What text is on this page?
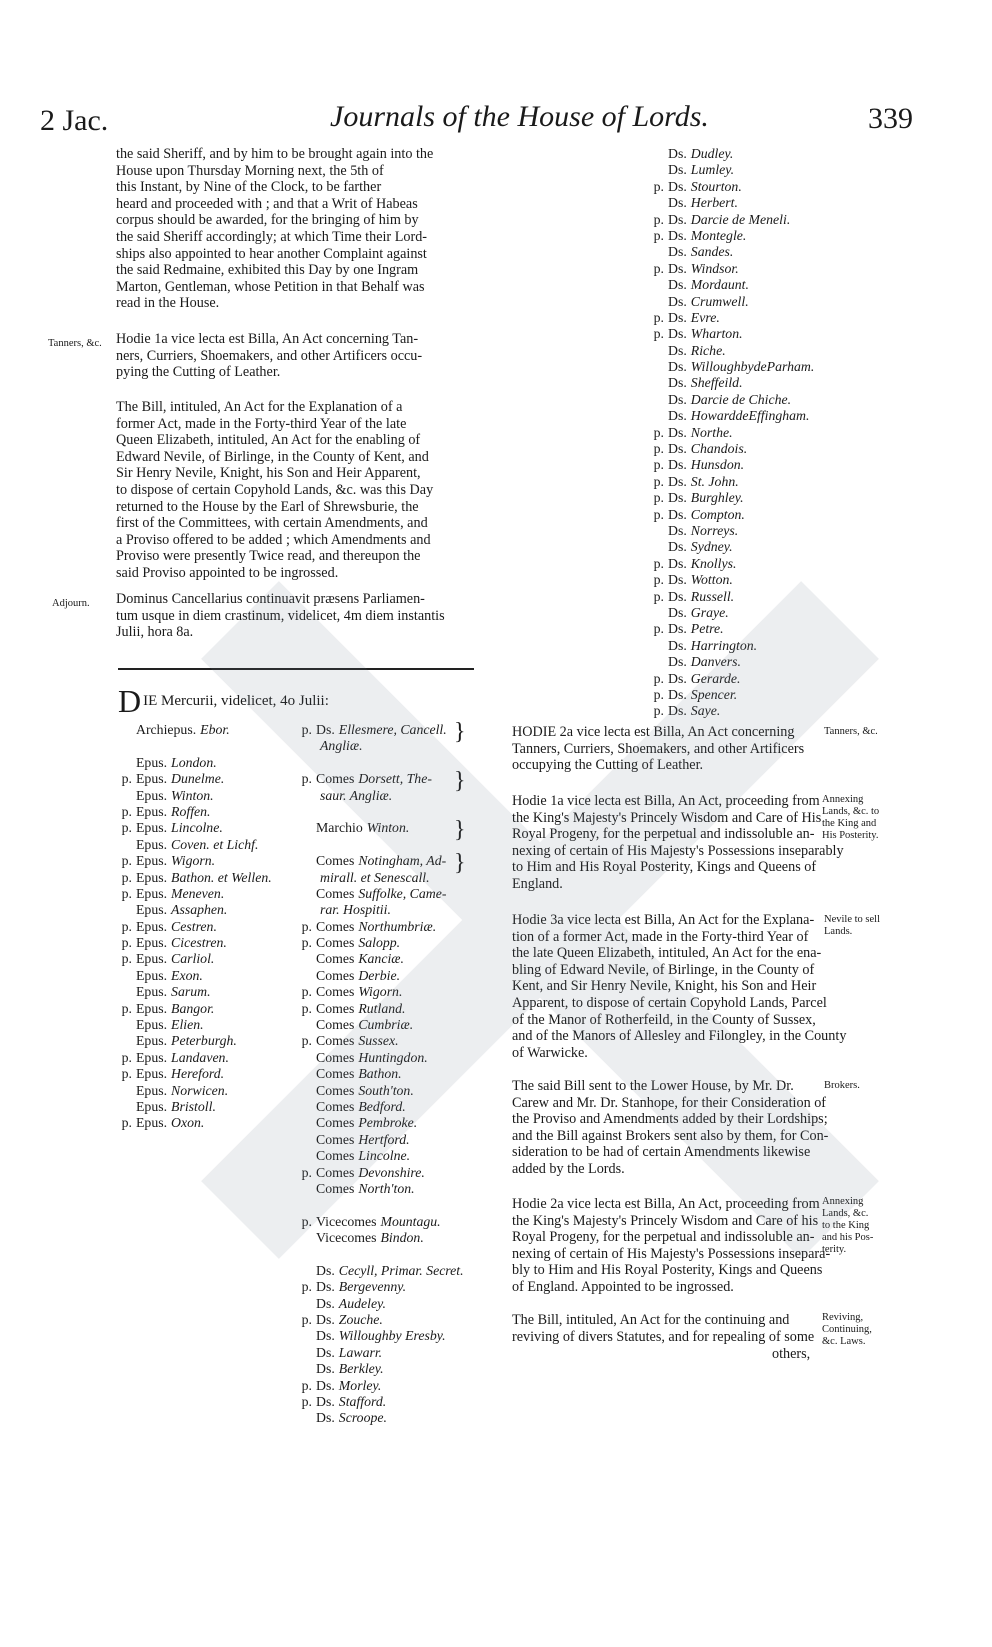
2 Jac.	Journals of the House of Lords.	339
the said Sheriff, and by him to be brought again into the
House upon Thursday Morning next, the 5th of
this Instant, by Nine of the Clock, to be farther
heard and proceeded with ; and that a Writ of Habeas
corpus should be awarded, for the bringing of him by
the said Sheriff accordingly; at which Time their Lord-
ships also appointed to hear another Complaint against
the said Redmaine, exhibited this Day by one Ingram
Marton, Gentleman, whose Petition in that Behalf was
read in the House.
Tanners, &c. Hodie 1a vice lecta est Billa, An Act concerning Tan-
ners, Curriers, Shoemakers, and other Artificers occu-
pying the Cutting of Leather.
The Bill, intituled, An Act for the Explanation of a
former Act, made in the Forty-third Year of the late
Queen Elizabeth, intituled, An Act for the enabling of
Edward Nevile, of Birlinge, in the County of Kent, and
Sir Henry Nevile, Knight, his Son and Heir Apparent,
to dispose of certain Copyhold Lands, &c. was this Day
returned to the House by the Earl of Shrewsburie, the
first of the Committees, with certain Amendments, and
a Proviso offered to be added ; which Amendments and
Proviso were presently Twice read, and thereupon the
said Proviso appointed to be ingrossed.
Adjourn. Dominus Cancellarius continuavit præsens Parliamen-
tum usque in diem crastinum, videlicet, 4m diem instantis
Julii, hora 8a.
D IE Mercurii, videlicet, 4o Julii:
Archiepus. Ebor.
Epus. London.
p. Epus. Dunelme.
Epus. Winton.
p. Epus. Roffen.
p. Epus. Lincolne.
Epus. Coven. et Lichf.
p. Epus. Wigorn.
p. Epus. Bathon. et Wellen.
p. Epus. Meneven.
Epus. Assaphen.
p. Epus. Cestren.
p. Epus. Cicestren.
p. Epus. Carliol.
Epus. Exon.
Epus. Sarum.
p. Epus. Bangor.
Epus. Elien.
Epus. Peterburgh.
p. Epus. Landaven.
p. Epus. Hereford.
Epus. Norwicen.
Epus. Bristoll.
p. Epus. Oxon.
p. Ds. Ellesmere, Cancell.
Angliæ.
p. Comes Dorsett, The-
saur. Angliæ.
Marchio Winton.
Comes Notingham, Ad-
mirall. et Senescall.
Comes Suffolke, Came-
rar. Hospitii.
p. Comes Northumbriæ.
p. Comes Salopp.
Comes Kanciæ.
Comes Derbie.
p. Comes Wigorn.
p. Comes Rutland.
Comes Cumbriæ.
p. Comes Sussex.
Comes Huntingdon.
Comes Bathon.
Comes South'ton.
Comes Bedford.
Comes Pembroke.
Comes Hertford.
Comes Lincolne.
p. Comes Devonshire.
Comes North'ton.
p. Vicecomes Mountagu.
Vicecomes Bindon.
Ds. Cecyll, Primar. Secret.
p. Ds. Bergevenny.
Ds. Audeley.
p. Ds. Zouche.
Ds. Willoughby Eresby.
Ds. Lawarr.
Ds. Berkley.
p. Ds. Morley.
p. Ds. Stafford.
Ds. Scroope.
}
}
}
}
Ds. Dudley.
Ds. Lumley.
p. Ds. Stourton.
Ds. Herbert.
p. Ds. Darcie de Meneli.
p. Ds. Montegle.
Ds. Sandes.
p. Ds. Windsor.
Ds. Mordaunt.
Ds. Crumwell.
p. Ds. Evre.
p. Ds. Wharton.
Ds. Riche.
Ds. WilloughbydeParham.
Ds. Sheffeild.
Ds. Darcie de Chiche.
Ds. HowarddeEffingham.
p. Ds. Northe.
p. Ds. Chandois.
p. Ds. Hunsdon.
p. Ds. St. John.
p. Ds. Burghley.
p. Ds. Compton.
Ds. Norreys.
Ds. Sydney.
p. Ds. Knollys.
p. Ds. Wotton.
p. Ds. Russell.
Ds. Graye.
p. Ds. Petre.
Ds. Harrington.
Ds. Danvers.
p. Ds. Gerarde.
p. Ds. Spencer.
p. Ds. Saye.
HODIE 2a vice lecta est Billa, An Act concerning
Tanners, Curriers, Shoemakers, and other Artificers
occupying the Cutting of Leather.
Tanners, &c.
Hodie 1a vice lecta est Billa, An Act, proceeding from
the King's Majesty's Princely Wisdom and Care of His
Royal Progeny, for the perpetual and indissoluble an-
nexing of certain of His Majesty's Possessions inseparably
to Him and His Royal Posterity, Kings and Queens of
England.
Annexing
Lands, &c. to
the King and
His Posterity.
Hodie 3a vice lecta est Billa, An Act for the Explana-
tion of a former Act, made in the Forty-third Year of
the late Queen Elizabeth, intituled, An Act for the ena-
bling of Edward Nevile, of Birlinge, in the County of
Kent, and Sir Henry Nevile, Knight, his Son and Heir
Apparent, to dispose of certain Copyhold Lands, Parcel
of the Manor of Rotherfeild, in the County of Sussex,
and of the Manors of Allesley and Filongley, in the County
of Warwicke.
Nevile to sell
Lands.
The said Bill sent to the Lower House, by Mr. Dr.
Carew and Mr. Dr. Stanhope, for their Consideration of
the Proviso and Amendments added by their Lordships;
and the Bill against Brokers sent also by them, for Con-
sideration to be had of certain Amendments likewise
added by the Lords.
Brokers.
Hodie 2a vice lecta est Billa, An Act, proceeding from
the King's Majesty's Princely Wisdom and Care of his
Royal Progeny, for the perpetual and indissoluble an-
nexing of certain of His Majesty's Possessions insepara-
bly to Him and His Royal Posterity, Kings and Queens
of England. Appointed to be ingrossed.
Annexing
Lands, &c.
to the King
and his Pos-
terity.
The Bill, intituled, An Act for the continuing and
reviving of divers Statutes, and for repealing of some
others,
Reviving,
Continuing,
&c. Laws.
